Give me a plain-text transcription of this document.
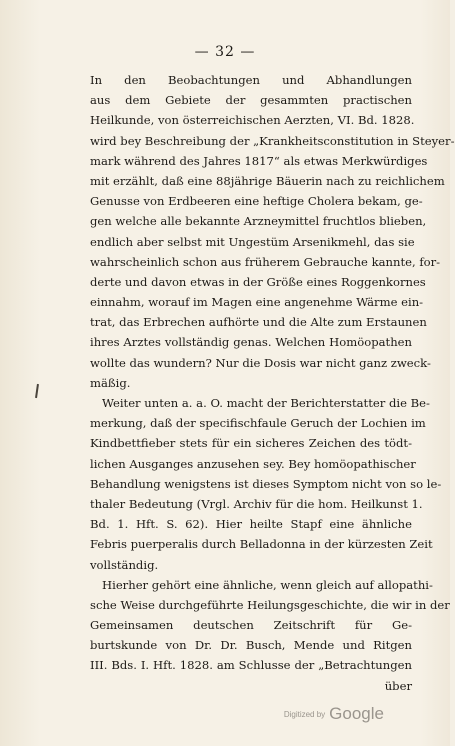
— 32 —
In den Beobachtungen und Abhandlungen
aus dem Gebiete der gesammten practischen
Heilkunde, von österreichischen Aerzten, VI. Bd. 1828.
wird bey Beschreibung der „Krankheitsconstitution in Steyer-
mark während des Jahres 1817“ als etwas Merkwürdiges
mit erzählt, daß eine 88jährige Bäuerin nach zu reichlichem
Genusse von Erdbeeren eine heftige Cholera bekam, ge-
gen welche alle bekannte Arzneymittel fruchtlos blieben,
endlich aber selbst mit Ungestüm Arsenikmehl, das sie
wahrscheinlich schon aus früherem Gebrauche kannte, for-
derte und davon etwas in der Größe eines Roggenkornes
einnahm, worauf im Magen eine angenehme Wärme ein-
trat, das Erbrechen aufhörte und die Alte zum Erstaunen
ihres Arztes vollständig genas. Welchen Homöopathen
wollte das wundern? Nur die Dosis war nicht ganz zweck-
mäßig.
Weiter unten a. a. O. macht der Berichterstatter die Be-
merkung, daß der specifischfaule Geruch der Lochien im
Kindbettfieber stets für ein sicheres Zeichen des tödt-
lichen Ausganges anzusehen sey. Bey homöopathischer
Behandlung wenigstens ist dieses Symptom nicht von so le-
thaler Bedeutung (Vrgl. Archiv für die hom. Heilkunst 1.
Bd. 1. Hft. S. 62). Hier heilte Stapf eine ähnliche
Febris puerperalis durch Belladonna in der kürzesten Zeit
vollständig.
Hierher gehört eine ähnliche, wenn gleich auf allopathi-
sche Weise durchgeführte Heilungsgeschichte, die wir in der
Gemeinsamen deutschen Zeitschrift für Ge-
burtskunde von Dr. Dr. Busch, Mende und Ritgen
III. Bds. I. Hft. 1828. am Schlusse der „Betrachtungen
über
Digitized by Google
